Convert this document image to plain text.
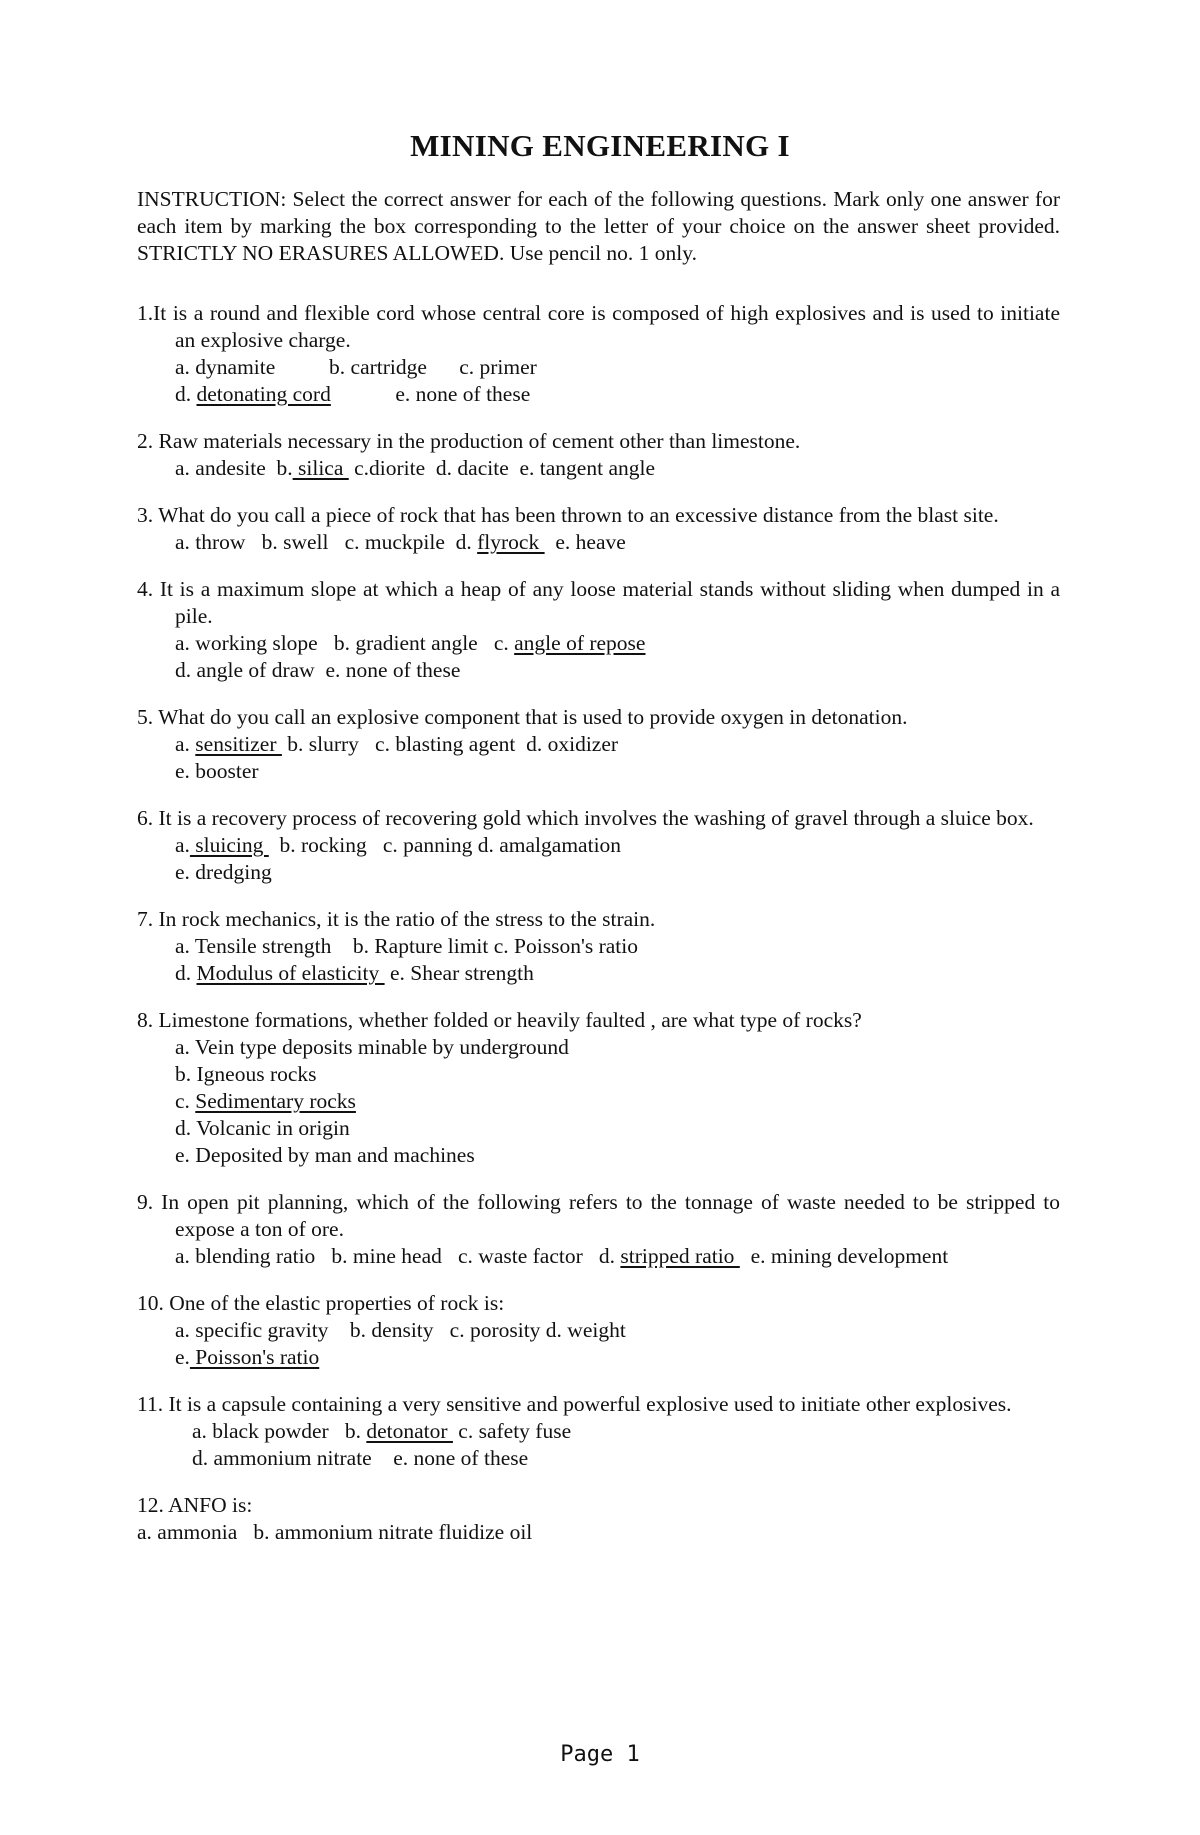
MINING ENGINEERING I
INSTRUCTION: Select the correct answer for each of the following questions. Mark only one answer for each item by marking the box corresponding to the letter of your choice on the answer sheet provided. STRICTLY NO ERASURES ALLOWED. Use pencil no. 1 only.
1.It is a round and flexible cord whose central core is composed of high explosives and is used to initiate an explosive charge.
a. dynamite          b. cartridge      c. primer
d. detonating cord            e. none of these
2. Raw materials necessary in the production of cement other than limestone.
a. andesite  b. silica  c.diorite  d. dacite  e. tangent angle
3. What do you call a piece of rock that has been thrown to an excessive distance from the blast site.
a. throw   b. swell   c. muckpile  d. flyrock   e. heave
4. It is a maximum slope at which a heap of any loose material stands without sliding when dumped in a pile.
a. working slope   b. gradient angle   c. angle of repose
d. angle of draw  e. none of these
5. What do you call an explosive component that is used to provide oxygen in detonation.
a. sensitizer  b. slurry   c. blasting agent  d. oxidizer
e. booster
6. It is a recovery process of recovering gold which involves the washing of gravel through a sluice box.
a. sluicing   b. rocking   c. panning d. amalgamation
e. dredging
7. In rock mechanics, it is the ratio of the stress to the strain.
a. Tensile strength    b. Rapture limit c. Poisson's ratio
d. Modulus of elasticity  e. Shear strength
8. Limestone formations, whether folded or heavily faulted , are what type of rocks?
a. Vein type deposits minable by underground
b. Igneous rocks
c. Sedimentary rocks
d. Volcanic in origin
e. Deposited by man and machines
9. In open pit planning, which of the following refers to the tonnage of waste needed to be stripped to expose a ton of ore.
a. blending ratio   b. mine head   c. waste factor   d. stripped ratio   e. mining development
10. One of the elastic properties of rock is:
a. specific gravity    b. density   c. porosity d. weight
e. Poisson's ratio
11. It is a capsule containing a very sensitive and powerful explosive used to initiate other explosives.
a. black powder   b. detonator  c. safety fuse
d. ammonium nitrate    e. none of these
12. ANFO is:
a. ammonia   b. ammonium nitrate fluidize oil
Page 1
